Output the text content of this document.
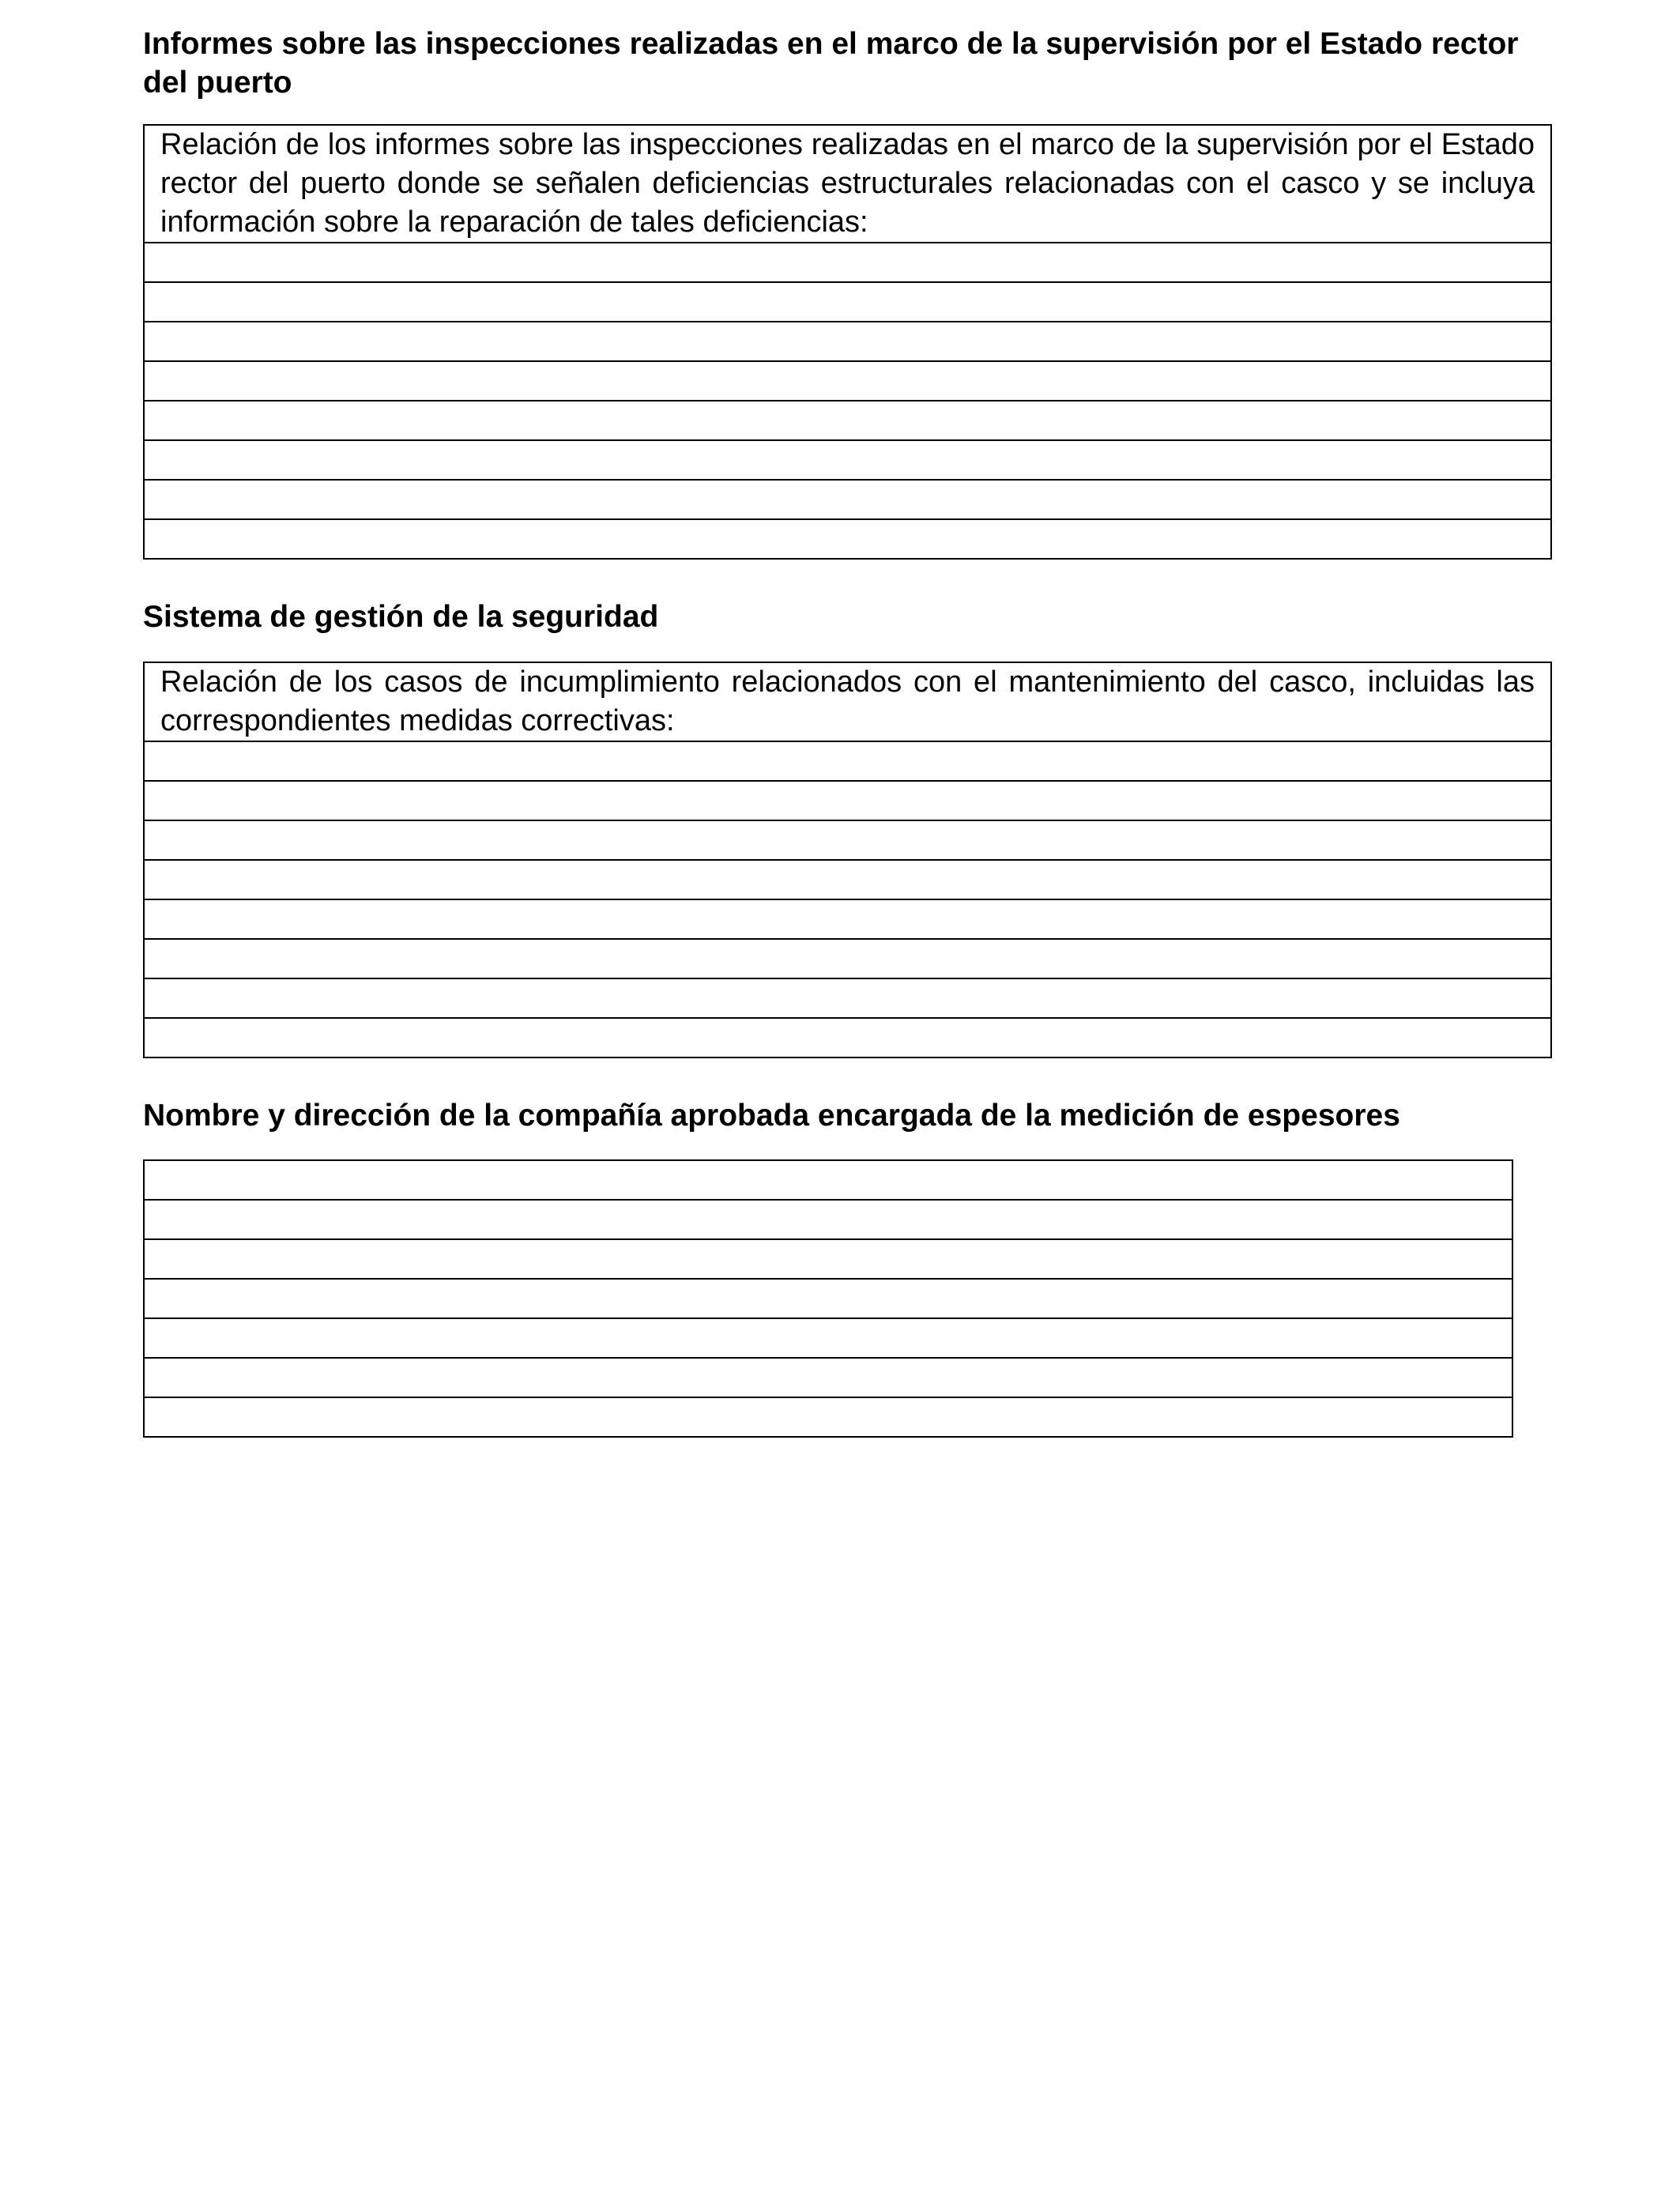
Informes sobre las inspecciones realizadas en el marco de la supervisión por el Estado rector del puerto
Relación de los informes sobre las inspecciones realizadas en el marco de la supervisión por el Estado rector del puerto donde se señalen deficiencias estructurales relacionadas con el casco y se incluya información sobre la reparación de tales deficiencias:

Sistema de gestión de la seguridad
Relación de los casos de incumplimiento relacionados con el mantenimiento del casco, incluidas las correspondientes medidas correctivas:

Nombre y dirección de la compañía aprobada encargada de la medición de espesores
